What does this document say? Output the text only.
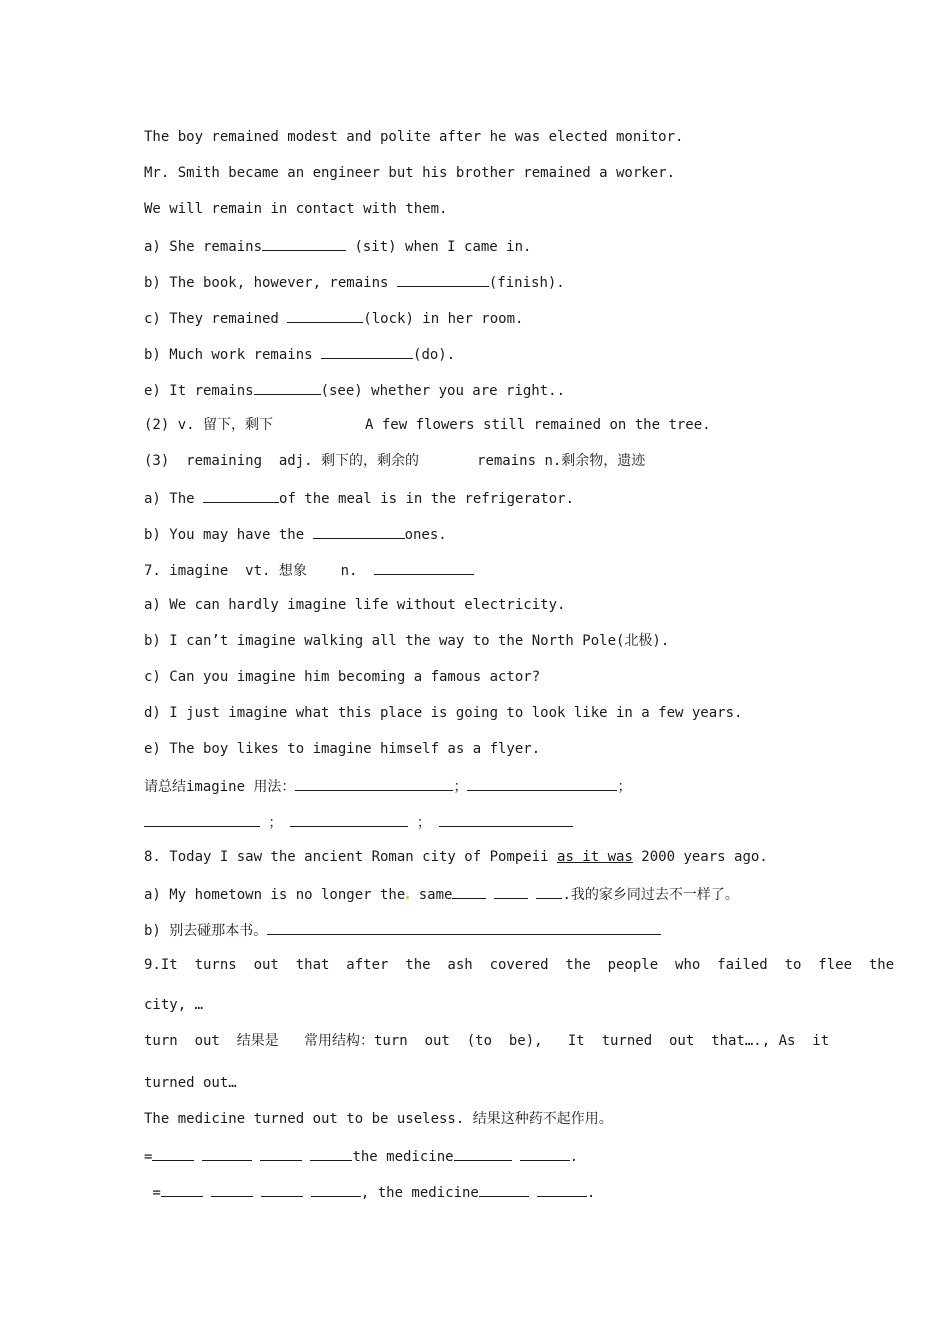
The boy remained modest and polite after he was elected monitor.
Mr. Smith became an engineer but his brother remained a worker.
We will remain in contact with them.
a) She remains	(sit) when I came in.
b) The book, however, remains	(finish).
c) They remained	(lock) in her room.
b) Much work remains	(do).
e) It remains	(see) whether you are right..
(2) v. 留下，剩下	A few flowers still remained on the tree.
(3)  remaining  adj. 剩下的，剩余的	remains n.剩余物，遗迹
a) The	of the meal is in the refrigerator.
b) You may have the	ones.
7. imagine  vt. 想象    n.
a) We can hardly imagine life without electricity.
b) I can’t imagine walking all the way to the North Pole(北极).
c) Can you imagine him becoming a famous actor?
d) I just imagine what this place is going to look like in a few years.
e) The boy likes to imagine himself as a flyer.
请总结imagine 用法：	；	；
；	；
8. Today I saw the ancient Roman city of Pompeii as it was 2000 years ago.
a) My hometown is no longer the same	.我的家乡同过去不一样了。
b) 别去碰那本书。
9.It  turns  out  that  after  the  ash  covered  the  people  who  failed  to  flee  the
city, …
turn  out  结果是   常用结构：turn  out  (to  be),   It  turned  out  that…., As  it
turned out…
The medicine turned out to be useless. 结果这种药不起作用。
=	the medicine	.
=	, the medicine	.
